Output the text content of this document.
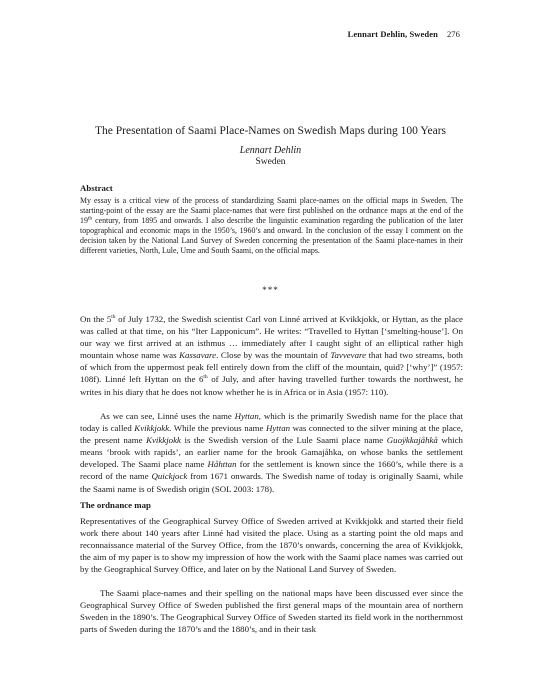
Lennart Dehlin, Sweden 276
The Presentation of Saami Place-Names on Swedish Maps during 100 Years
Lennart Dehlin
Sweden
Abstract

My essay is a critical view of the process of standardizing Saami place-names on the official maps in Sweden. The starting-point of the essay are the Saami place-names that were first published on the ordnance maps at the end of the 19th century, from 1895 and onwards. I also describe the linguistic examination regarding the publication of the later topographical and economic maps in the 1950’s, 1960’s and onward. In the conclusion of the essay I comment on the decision taken by the National Land Survey of Sweden concerning the presentation of the Saami place-names in their different varieties, North, Lule, Ume and South Saami, on the official maps.

***

On the 5th of July 1732, the Swedish scientist Carl von Linné arrived at Kvikkjokk, or Hyttan, as the place was called at that time, on his “Iter Lapponicum”. He writes: “Travelled to Hyttan [‘smelting-house’]. On our way we first arrived at an isthmus … immediately after I caught sight of an elliptical rather high mountain whose name was Kassavare. Close by was the mountain of Tavvevare that had two streams, both of which from the uppermost peak fell entirely down from the cliff of the mountain, quid? [‘why’]” (1957: 108f). Linné left Hyttan on the 6th of July, and after having travelled further towards the northwest, he writes in his diary that he does not know whether he is in Africa or in Asia (1957: 110).

As we can see, Linné uses the name Hyttan, which is the primarily Swedish name for the place that today is called Kvikkjokk. While the previous name Hyttan was connected to the silver mining at the place, the present name Kvikkjokk is the Swedish version of the Lule Saami place name Guoÿkkajåhkå which means ‘brook with rapids’, an earlier name for the brook Gamajåhka, on whose banks the settlement developed. The Saami place name Håhttan for the settlement is known since the 1660’s, while there is a record of the name Quickjock from 1671 onwards. The Swedish name of today is originally Saami, while the Saami name is of Swedish origin (SOL 2003: 178).

The ordnance map

Representatives of the Geographical Survey Office of Sweden arrived at Kvikkjokk and started their field work there about 140 years after Linné had visited the place. Using as a starting point the old maps and reconnaissance material of the Survey Office, from the 1870’s onwards, concerning the area of Kvikkjokk, the aim of my paper is to show my impression of how the work with the Saami place names was carried out by the Geographical Survey Office, and later on by the National Land Survey of Sweden.

The Saami place-names and their spelling on the national maps have been discussed ever since the Geographical Survey Office of Sweden published the first general maps of the mountain area of northern Sweden in the 1890’s. The Geographical Survey Office of Sweden started its field work in the northernmost parts of Sweden during the 1870’s and the 1880’s, and in their task
